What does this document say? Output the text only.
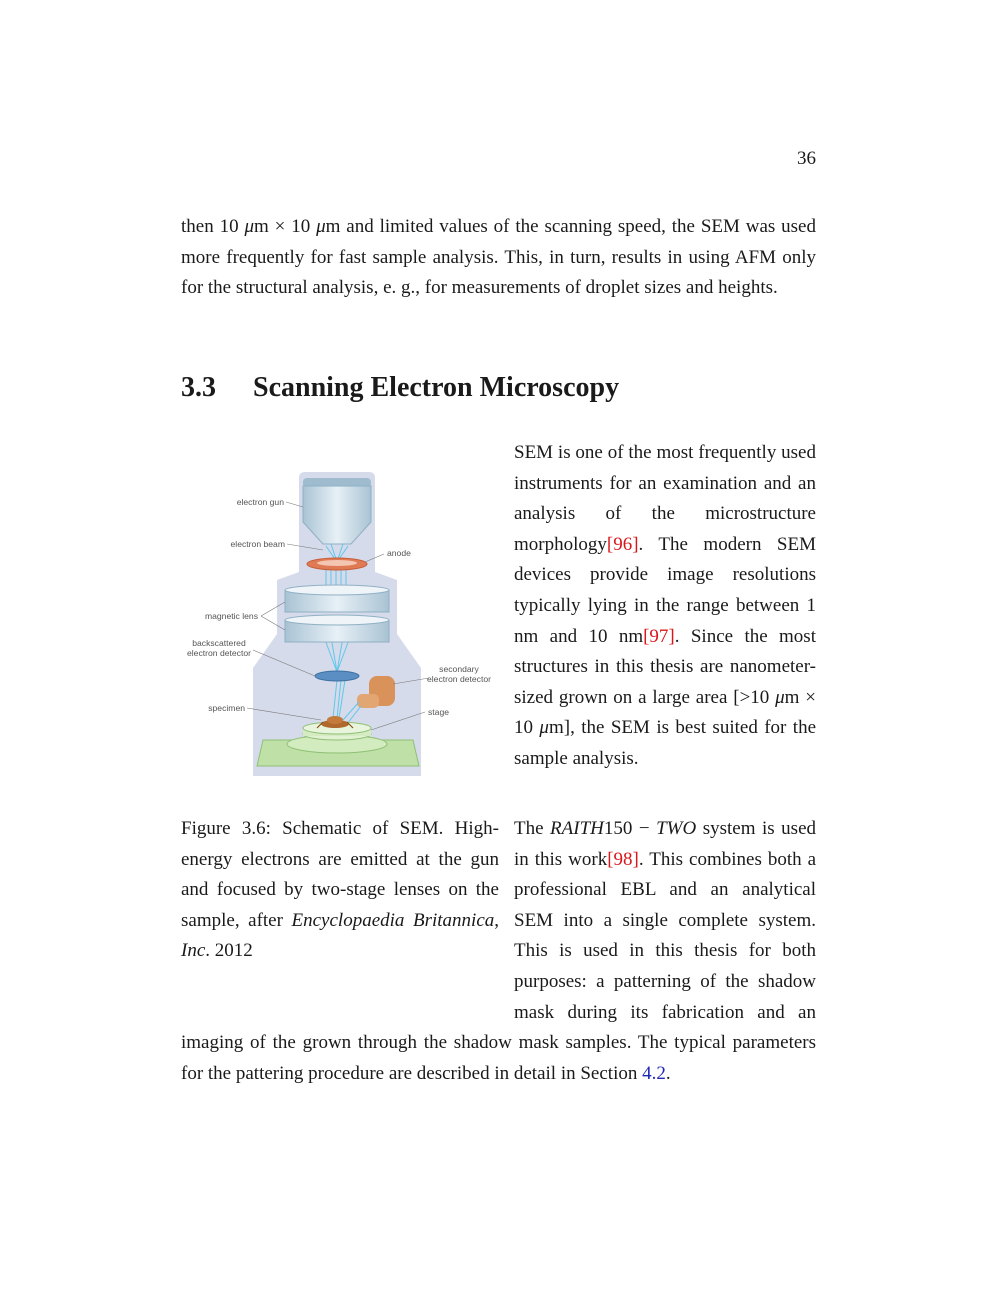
36

then 10 μm × 10 μm and limited values of the scanning speed, the SEM was used more frequently for fast sample analysis. This, in turn, results in using AFM only for the structural analysis, e. g., for measurements of droplet sizes and heights.

3.3 Scanning Electron Microscopy
electron gun
electron beam
anode
magnetic lens
backscattered
electron detector
secondary
electron detector
specimen	stage

SEM is one of the most frequently used instruments for an examination and an analysis of the microstructure morphology[96]. The modern SEM devices provide image resolutions typically lying in the range between 1 nm and 10 nm[97]. Since the most structures in this thesis are nanometer-sized grown on a large area [>10 μm × 10 μm], the SEM is best suited for the sample analysis.

Figure 3.6: Schematic of SEM. High-energy electrons are emitted at the gun and focused by two-stage lenses on the sample, after Encyclopaedia Britannica, Inc. 2012

The RAITH150 − TWO system is used in this work[98]. This combines both a professional EBL and an analytical SEM into a single complete system. This is used in this thesis for both purposes: a patterning of the shadow mask during its fabrication and an imaging of the grown through the shadow mask samples. The typical parameters for the pattering procedure are described in detail in Section 4.2.
